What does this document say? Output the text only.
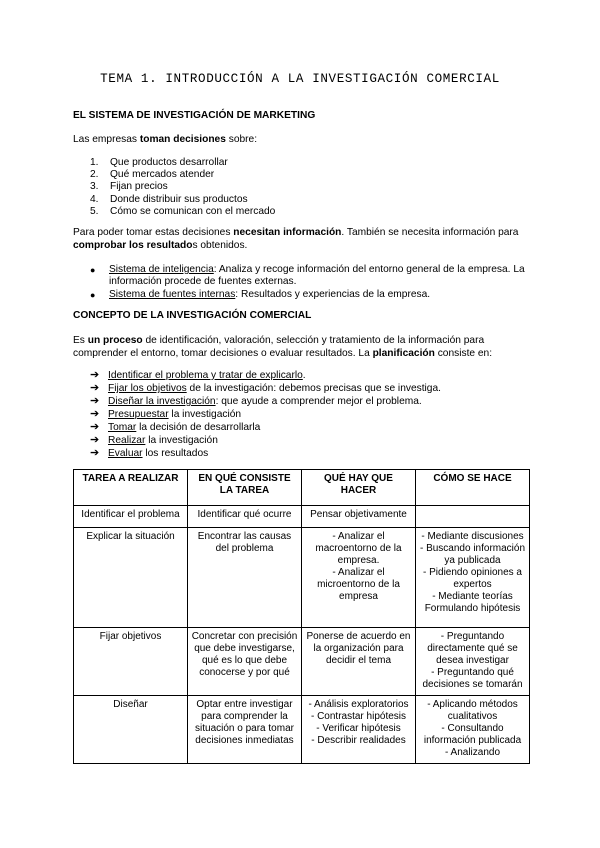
TEMA 1. INTRODUCCIÓN A LA INVESTIGACIÓN COMERCIAL
EL SISTEMA DE INVESTIGACIÓN DE MARKETING
Las empresas toman decisiones sobre:
1. Que productos desarrollar
2. Qué mercados atender
3. Fijan precios
4. Donde distribuir sus productos
5. Cómo se comunican con el mercado
Para poder tomar estas decisiones necesitan información. También se necesita información para comprobar los resultados obtenidos.
● Sistema de inteligencia: Analiza y recoge información del entorno general de la empresa. La información procede de fuentes externas.
● Sistema de fuentes internas: Resultados y experiencias de la empresa.
CONCEPTO DE LA INVESTIGACIÓN COMERCIAL
Es un proceso de identificación, valoración, selección y tratamiento de la información para comprender el entorno, tomar decisiones o evaluar resultados. La planificación consiste en:
➔ Identificar el problema y tratar de explicarlo.
➔ Fijar los objetivos de la investigación: debemos precisas que se investiga.
➔ Diseñar la investigación: que ayude a comprender mejor el problema.
➔ Presupuestar la investigación
➔ Tomar la decisión de desarrollarla
➔ Realizar la investigación
➔ Evaluar los resultados
TAREA A REALIZAR	EN QUÉ CONSISTE LA TAREA	QUÉ HAY QUE HACER	CÓMO SE HACE
Identificar el problema	Identificar qué ocurre	Pensar objetivamente	
Explicar la situación	Encontrar las causas del problema	- Analizar el macroentorno de la empresa.
- Analizar el microentorno de la empresa	- Mediante discusiones
- Buscando información ya publicada
- Pidiendo opiniones a expertos
- Mediante teorías
Formulando hipótesis
Fijar objetivos	Concretar con precisión que debe investigarse, qué es lo que debe conocerse y por qué	Ponerse de acuerdo en la organización para decidir el tema	- Preguntando directamente qué se desea investigar
- Preguntando qué decisiones se tomarán
Diseñar	Optar entre investigar para comprender la situación o para tomar decisiones inmediatas	- Análisis exploratorios
- Contrastar hipótesis
- Verificar hipótesis
- Describir realidades	- Aplicando métodos cualitativos
- Consultando información publicada
- Analizando
